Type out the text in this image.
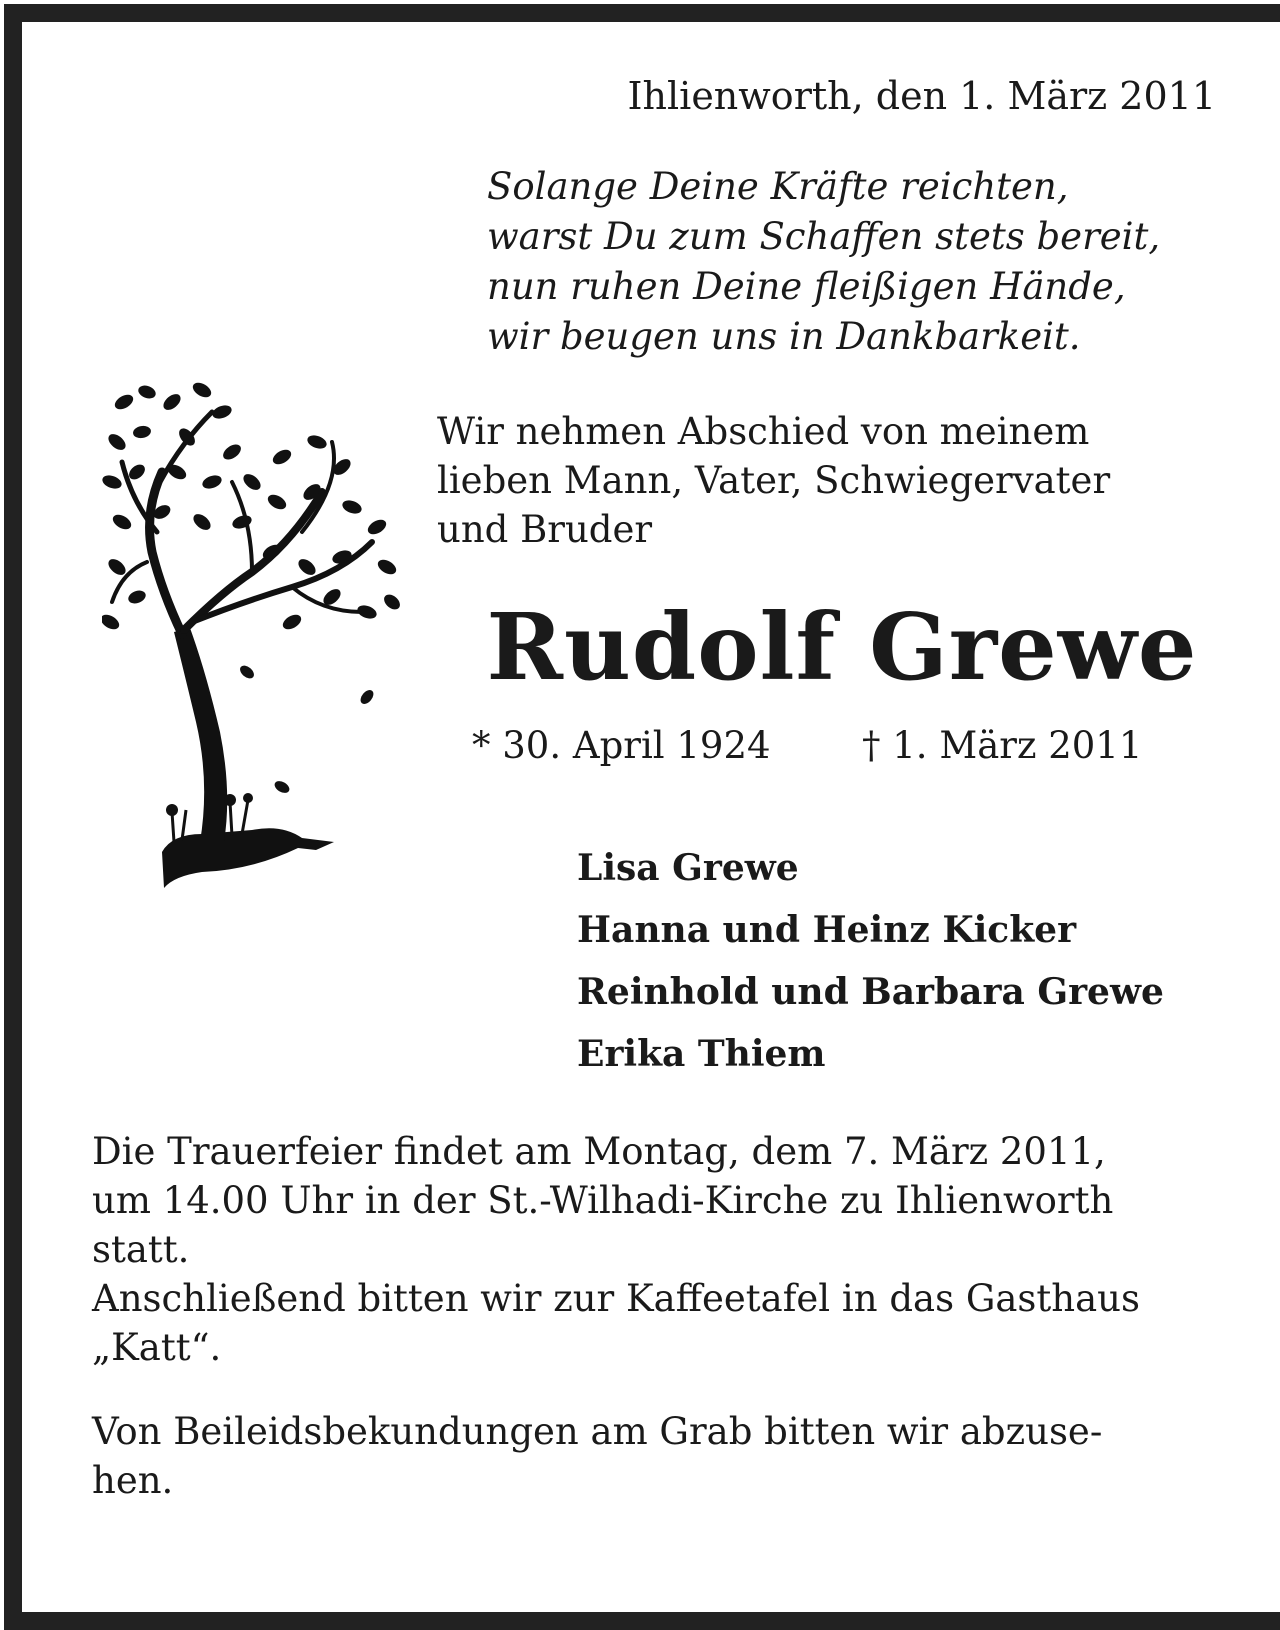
Ihlienworth, den 1. März 2011

Solange Deine Kräfte reichten,
warst Du zum Schaffen stets bereit,
nun ruhen Deine fleißigen Hände,
wir beugen uns in Dankbarkeit.
Wir nehmen Abschied von meinem
lieben Mann, Vater, Schwiegervater
und Bruder
Rudolf Grewe
* 30. April 1924 † 1. März 2011
Lisa Grewe
Hanna und Heinz Kicker
Reinhold und Barbara Grewe
Erika Thiem
Die Trauerfeier findet am Montag, dem 7. März 2011,
um 14.00 Uhr in der St.-Wilhadi-Kirche zu Ihlienworth
statt.
Anschließend bitten wir zur Kaffeetafel in das Gasthaus
„Katt“.
Von Beileidsbekundungen am Grab bitten wir abzuse-
hen.
